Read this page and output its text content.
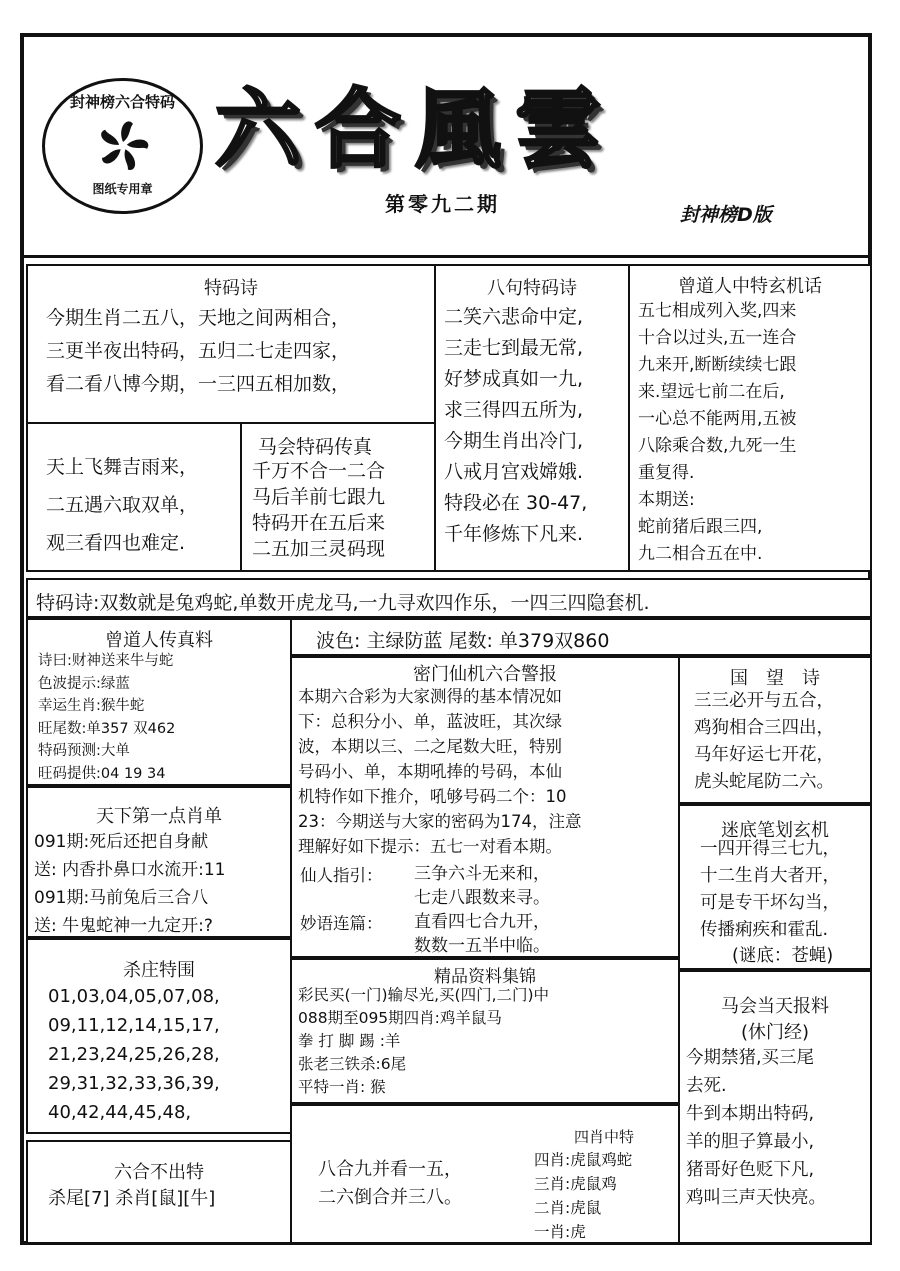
封神榜六合特码
图纸专用章
六合風雲
第零九二期	封神榜D版
特码诗
今期生肖二五八，天地之间两相合，
三更半夜出特码，五归二七走四家，
看二看八博今期，一三四五相加数，
天上飞舞吉雨来，
二五遇六取双单，
观三看四也难定.
马会特码传真
千万不合一二合
马后羊前七跟九
特码开在五后来
二五加三灵码现
八句特码诗
二笑六悲命中定,
三走七到最无常,
好梦成真如一九,
求三得四五所为,
今期生肖出冷门,
八戒月宫戏嫦娥.
特段必在 30-47,
千年修炼下凡来.
曾道人中特玄机话
五七相成列入奖,四来
十合以过头,五一连合
九来开,断断续续七跟
来.望远七前二在后,
一心总不能两用,五被
八除乘合数,九死一生
重复得.
本期送:
蛇前猪后跟三四,
九二相合五在中.
特码诗:双数就是兔鸡蛇,单数开虎龙马,一九寻欢四作乐，一四三四隐套机.
曾道人传真料
诗曰:财神送来牛与蛇
色波提示:绿蓝
幸运生肖:猴牛蛇
旺尾数:单357 双462
特码预测:大单
旺码提供:04 19 34
天下第一点肖单
091期:死后还把自身献
送: 内香扑鼻口水流开:11
091期:马前兔后三合八
送: 牛鬼蛇神一九定开:?
杀庄特围
01,03,04,05,07,08,
09,11,12,14,15,17,
21,23,24,25,26,28,
29,31,32,33,36,39,
40,42,44,45,48,
六合不出特
杀尾[7] 杀肖[鼠][牛]
波色: 主绿防蓝 尾数: 单379双860
密门仙机六合警报
本期六合彩为大家测得的基本情况如
下：总积分小、单，蓝波旺，其次绿
波，本期以三、二之尾数大旺，特别
号码小、单，本期吼捧的号码，本仙
机特作如下推介，吼够号码二个：10
23：今期送与大家的密码为174，注意
理解好如下提示：五七一对看本期。
仙人指引： 三争六斗无来和，
七走八跟数来寻。
妙语连篇： 直看四七合九开，
数数一五半中临。
精品资料集锦
彩民买(一门)输尽光,买(四门,二门)中
088期至095期四肖:鸡羊鼠马
拳 打 脚 踢 :羊
张老三铁杀:6尾
平特一肖: 猴
八合九并看一五，
二六倒合并三八。
四肖中特
四肖:虎鼠鸡蛇
三肖:虎鼠鸡
二肖:虎鼠
一肖:虎
国　望　诗
三三必开与五合，
鸡狗相合三四出，
马年好运七开花，
虎头蛇尾防二六。
迷底笔划玄机
一四开得三七九，
十二生肖大者开，
可是专干坏勾当，
传播痢疾和霍乱.
(谜底：苍蝇)
马会当天报料
(休门经)
今期禁猪,买三尾
去死.
牛到本期出特码,
羊的胆子算最小,
猪哥好色贬下凡,
鸡叫三声天快亮。
